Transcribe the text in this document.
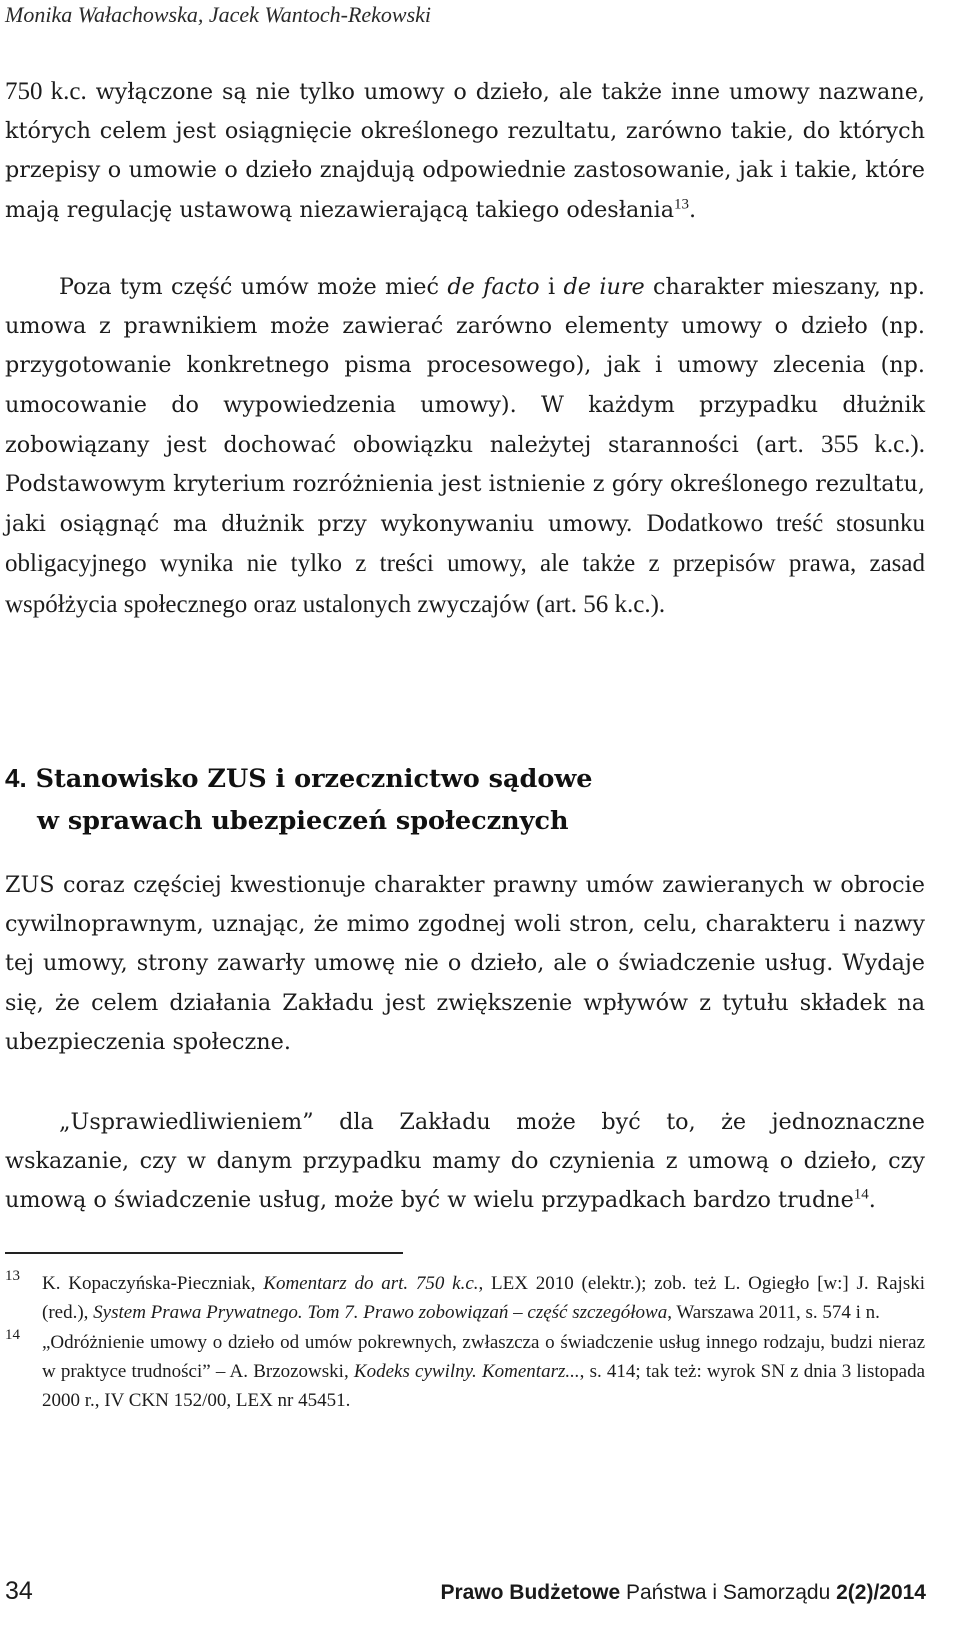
Monika Wałachowska, Jacek Wantoch-Rekowski

750 k.c. wyłączone są nie tylko umowy o dzieło, ale także inne umowy nazwane, których celem jest osiągnięcie określonego rezultatu, zarówno takie, do których przepisy o umowie o dzieło znajdują odpowiednie zastosowanie, jak i takie, które mają regulację ustawową niezawierającą takiego odesłania$^{13}$.

Poza tym część umów może mieć de facto i de iure charakter mieszany, np. umowa z prawnikiem może zawierać zarówno elementy umowy o dzieło (np. przygotowanie konkretnego pisma procesowego), jak i umowy zlecenia (np. umocowanie do wypowiedzenia umowy). W każdym przypadku dłużnik zobowiązany jest dochować obowiązku należytej staranności (art. 355 k.c.). Podstawowym kryterium rozróżnienia jest istnienie z góry określonego rezultatu, jaki osiągnąć ma dłużnik przy wykonywaniu umowy. Dodatkowo treść stosunku obligacyjnego wynika nie tylko z treści umowy, ale także z przepisów prawa, zasad współżycia społecznego oraz ustalonych zwyczajów (art. 56 k.c.).

4. Stanowisko ZUS i orzecznictwo sądowe
w sprawach ubezpieczeń społecznych

ZUS coraz częściej kwestionuje charakter prawny umów zawieranych w obrocie cywilnoprawnym, uznając, że mimo zgodnej woli stron, celu, charakteru i nazwy tej umowy, strony zawarły umowę nie o dzieło, ale o świadczenie usług. Wydaje się, że celem działania Zakładu jest zwiększenie wpływów z tytułu składek na ubezpieczenia społeczne.

„Usprawiedliwieniem” dla Zakładu może być to, że jednoznaczne wskazanie, czy w danym przypadku mamy do czynienia z umową o dzieło, czy umową o świadczenie usług, może być w wielu przypadkach bardzo trudne$^{14}$.

13 K. Kopaczyńska-Pieczniak, Komentarz do art. 750 k.c., LEX 2010 (elektr.); zob. też L. Ogiegło [w:] J. Rajski (red.), System Prawa Prywatnego. Tom 7. Prawo zobowiązań – część szczegółowa, Warszawa 2011, s. 574 i n.

14 „Odróżnienie umowy o dzieło od umów pokrewnych, zwłaszcza o świadczenie usług innego rodzaju, budzi nieraz w praktyce trudności” – A. Brzozowski, Kodeks cywilny. Komentarz..., s. 414; tak też: wyrok SN z dnia 3 listopada 2000 r., IV CKN 152/00, LEX nr 45451.

34	Prawo Budżetowe Państwa i Samorządu 2(2)/2014
